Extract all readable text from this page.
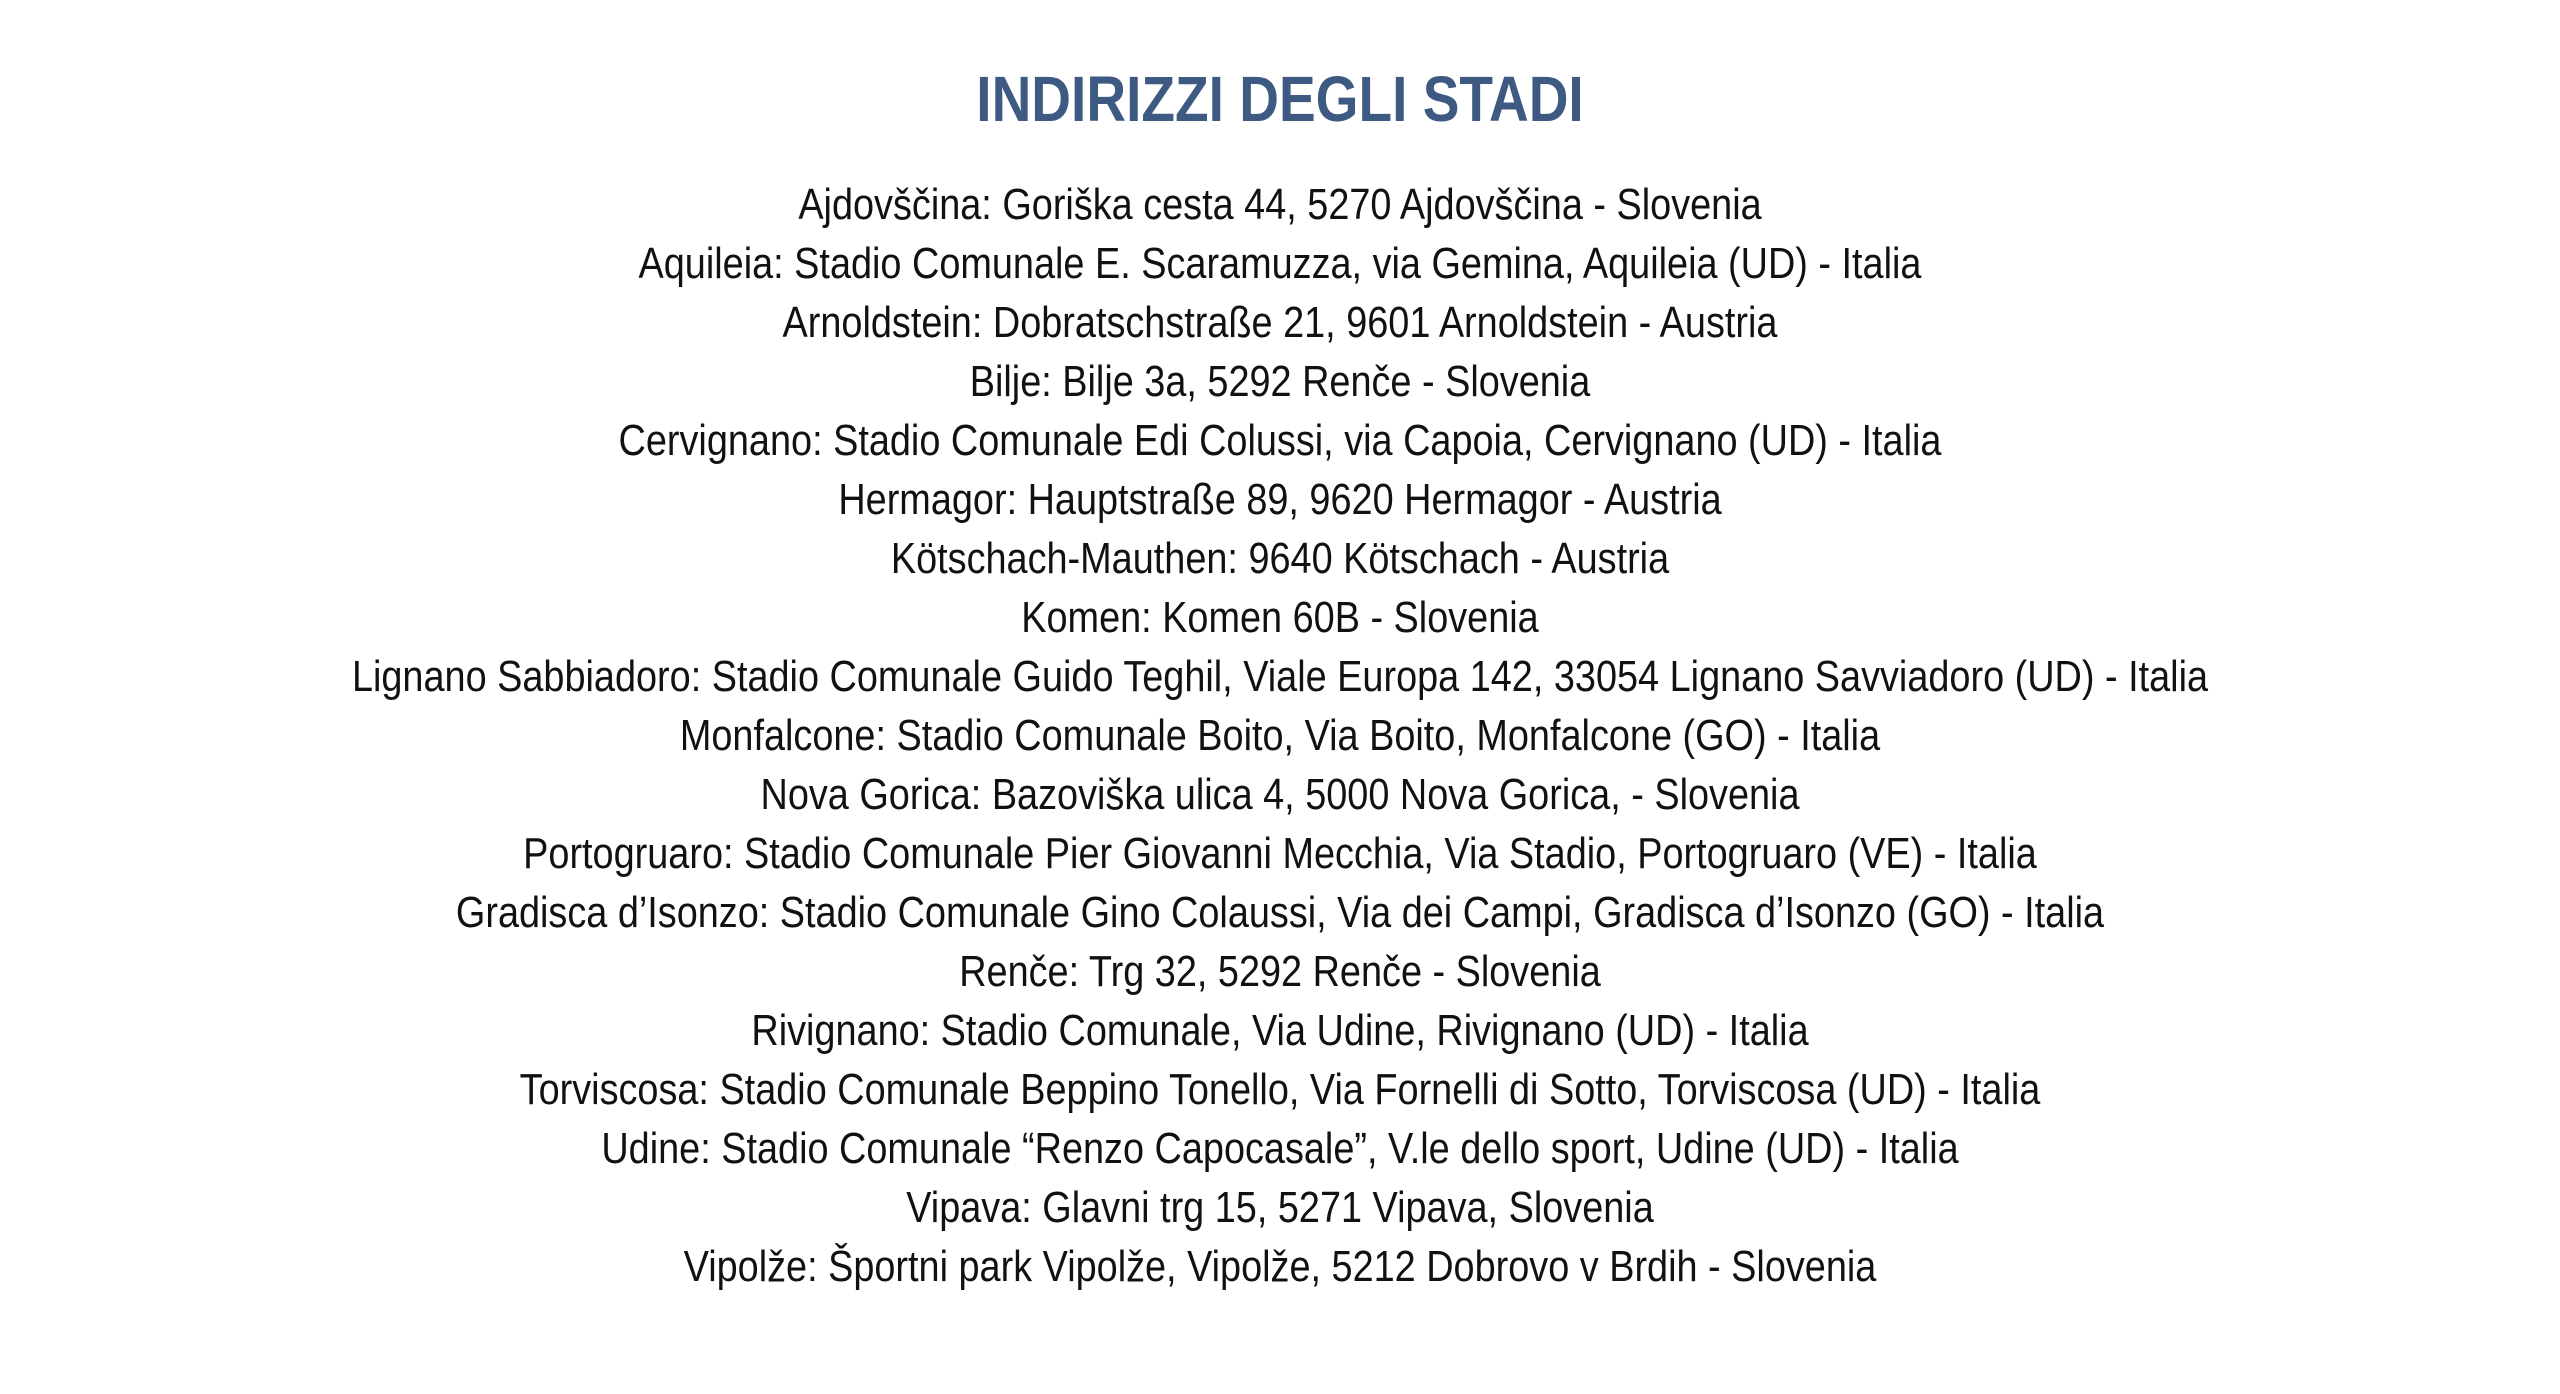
INDIRIZZI DEGLI STADI
Ajdovščina: Goriška cesta 44, 5270 Ajdovščina - Slovenia
Aquileia: Stadio Comunale E. Scaramuzza, via Gemina, Aquileia (UD) - Italia
Arnoldstein: Dobratschstraße 21, 9601 Arnoldstein - Austria
Bilje: Bilje 3a, 5292 Renče - Slovenia
Cervignano: Stadio Comunale Edi Colussi, via Capoia, Cervignano (UD) - Italia
Hermagor: Hauptstraße 89, 9620 Hermagor - Austria
Kötschach-Mauthen: 9640 Kötschach - Austria
Komen: Komen 60B - Slovenia
Lignano Sabbiadoro: Stadio Comunale Guido Teghil, Viale Europa 142, 33054 Lignano Savviadoro (UD) - Italia
Monfalcone: Stadio Comunale Boito, Via Boito, Monfalcone (GO) - Italia
Nova Gorica: Bazoviška ulica 4, 5000 Nova Gorica, - Slovenia
Portogruaro: Stadio Comunale Pier Giovanni Mecchia, Via Stadio, Portogruaro (VE) - Italia
Gradisca d’Isonzo: Stadio Comunale Gino Colaussi, Via dei Campi, Gradisca d’Isonzo (GO) - Italia
Renče: Trg 32, 5292 Renče - Slovenia
Rivignano: Stadio Comunale, Via Udine, Rivignano (UD) - Italia
Torviscosa: Stadio Comunale Beppino Tonello, Via Fornelli di Sotto, Torviscosa (UD) - Italia
Udine: Stadio Comunale “Renzo Capocasale”, V.le dello sport, Udine (UD) - Italia
Vipava: Glavni trg 15, 5271 Vipava, Slovenia
Vipolže: Športni park Vipolže, Vipolže, 5212 Dobrovo v Brdih - Slovenia
